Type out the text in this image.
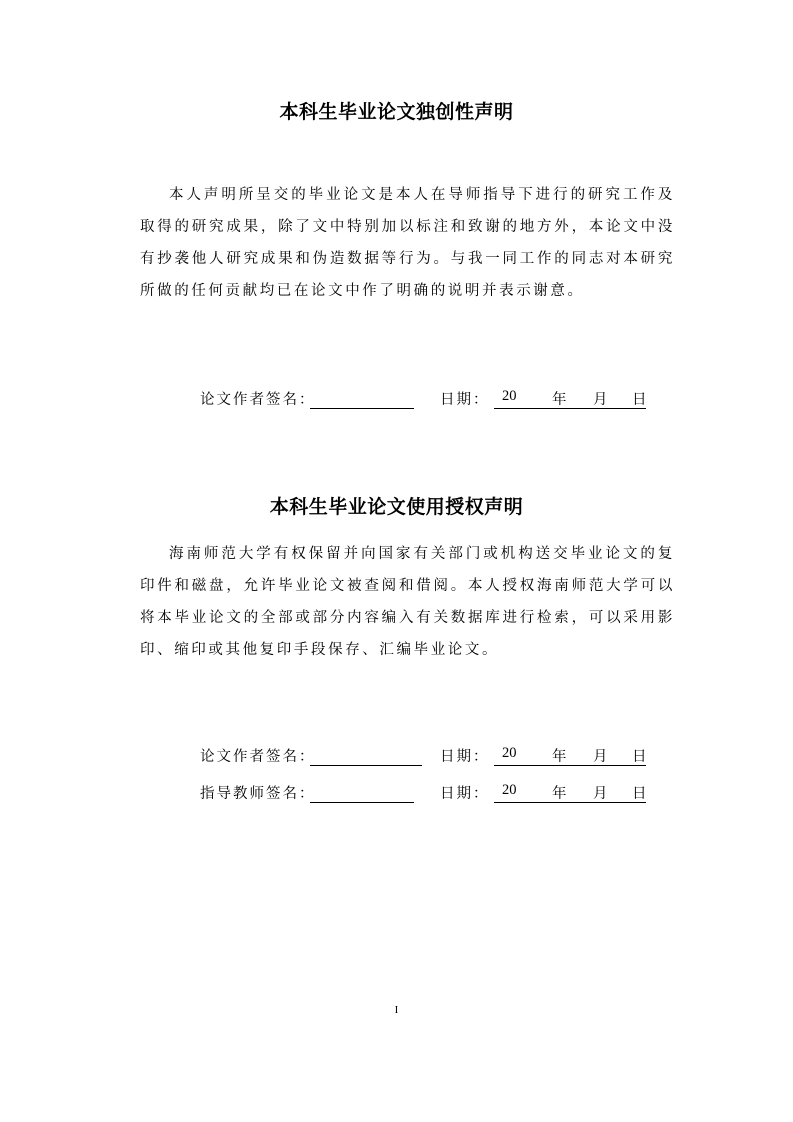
本科生毕业论文独创性声明

本人声明所呈交的毕业论文是本人在导师指导下进行的研究工作及取得的研究成果，除了文中特别加以标注和致谢的地方外，本论文中没有抄袭他人研究成果和伪造数据等行为。与我一同工作的同志对本研究所做的任何贡献均已在论文中作了明确的说明并表示谢意。

论文作者签名：	日期： 20 年 月 日
本科生毕业论文使用授权声明

海南师范大学有权保留并向国家有关部门或机构送交毕业论文的复印件和磁盘，允许毕业论文被查阅和借阅。本人授权海南师范大学可以将本毕业论文的全部或部分内容编入有关数据库进行检索，可以采用影印、缩印或其他复印手段保存、汇编毕业论文。

论文作者签名：	日期： 20 年 月 日
指导教师签名：	日期： 20 年 月 日
I
